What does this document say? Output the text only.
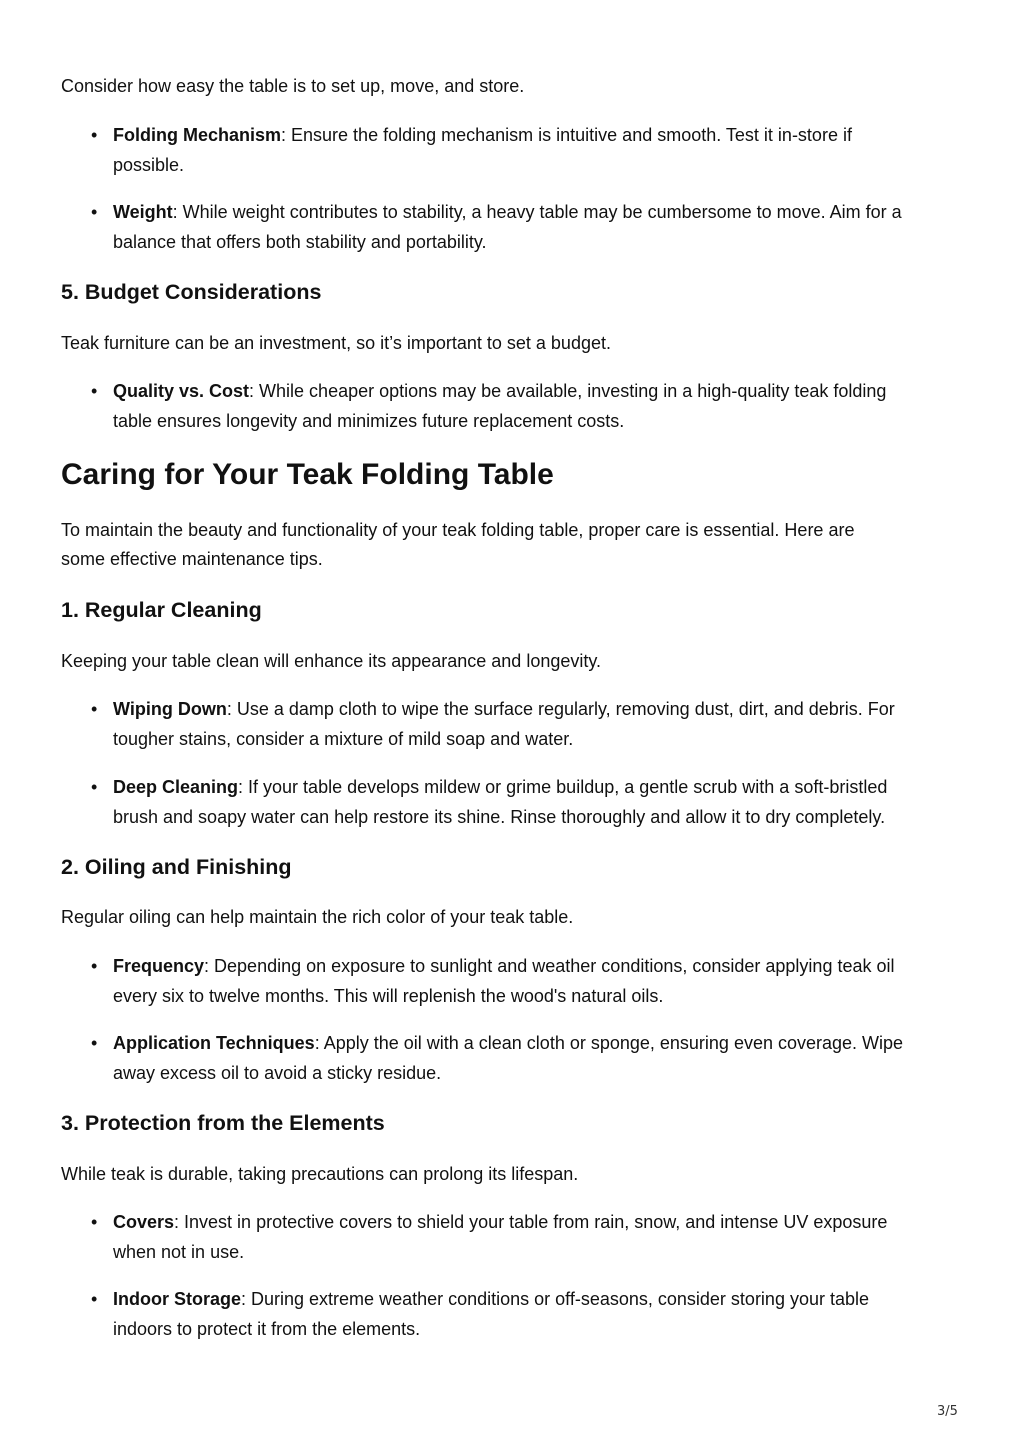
Consider how easy the table is to set up, move, and store.

• Folding Mechanism: Ensure the folding mechanism is intuitive and smooth. Test it in-store if
possible.
• Weight: While weight contributes to stability, a heavy table may be cumbersome to move. Aim for a
balance that offers both stability and portability.
5. Budget Considerations

Teak furniture can be an investment, so it’s important to set a budget.

• Quality vs. Cost: While cheaper options may be available, investing in a high-quality teak folding
table ensures longevity and minimizes future replacement costs.
Caring for Your Teak Folding Table

To maintain the beauty and functionality of your teak folding table, proper care is essential. Here are

some effective maintenance tips.

1. Regular Cleaning

Keeping your table clean will enhance its appearance and longevity.

• Wiping Down: Use a damp cloth to wipe the surface regularly, removing dust, dirt, and debris. For
tougher stains, consider a mixture of mild soap and water.
• Deep Cleaning: If your table develops mildew or grime buildup, a gentle scrub with a soft-bristled
brush and soapy water can help restore its shine. Rinse thoroughly and allow it to dry completely.
2. Oiling and Finishing

Regular oiling can help maintain the rich color of your teak table.

• Frequency: Depending on exposure to sunlight and weather conditions, consider applying teak oil
every six to twelve months. This will replenish the wood's natural oils.
• Application Techniques: Apply the oil with a clean cloth or sponge, ensuring even coverage. Wipe
away excess oil to avoid a sticky residue.
3. Protection from the Elements

While teak is durable, taking precautions can prolong its lifespan.

• Covers: Invest in protective covers to shield your table from rain, snow, and intense UV exposure
when not in use.
• Indoor Storage: During extreme weather conditions or off-seasons, consider storing your table
indoors to protect it from the elements.
3/5
